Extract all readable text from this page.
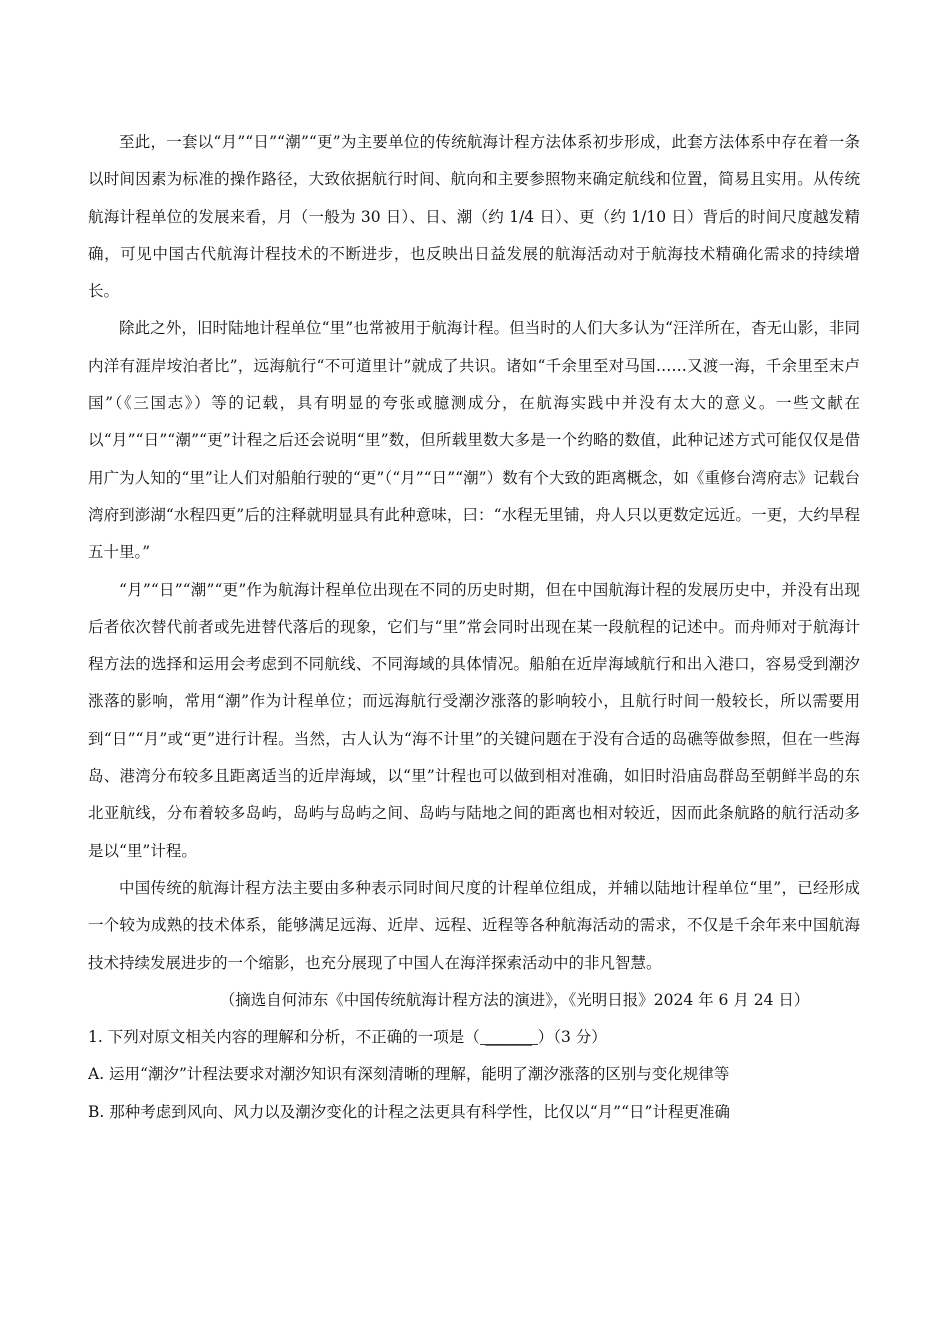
至此，一套以“月”“日”“潮”“更”为主要单位的传统航海计程方法体系初步形成，此套方法体系中存在着一条以时间因素为标准的操作路径，大致依据航行时间、航向和主要参照物来确定航线和位置，简易且实用。从传统航海计程单位的发展来看，月（一般为 30 日）、日、潮（约 1/4 日）、更（约 1/10 日）背后的时间尺度越发精确，可见中国古代航海计程技术的不断进步，也反映出日益发展的航海活动对于航海技术精确化需求的持续增长。

除此之外，旧时陆地计程单位“里”也常被用于航海计程。但当时的人们大多认为“汪洋所在，杳无山影，非同内洋有涯岸垵泊者比”，远海航行“不可道里计”就成了共识。诸如“千余里至对马国……又渡一海，千余里至末卢国”（《三国志》）等的记载，具有明显的夸张或臆测成分，在航海实践中并没有太大的意义。一些文献在以“月”“日”“潮”“更”计程之后还会说明“里”数，但所载里数大多是一个约略的数值，此种记述方式可能仅仅是借用广为人知的“里”让人们对船舶行驶的“更”（“月”“日”“潮”）数有个大致的距离概念，如《重修台湾府志》记载台湾府到澎湖“水程四更”后的注释就明显具有此种意味，曰：“水程无里铺，舟人只以更数定远近。一更，大约旱程五十里。”

“月”“日”“潮”“更”作为航海计程单位出现在不同的历史时期，但在中国航海计程的发展历史中，并没有出现后者依次替代前者或先进替代落后的现象，它们与“里”常会同时出现在某一段航程的记述中。而舟师对于航海计程方法的选择和运用会考虑到不同航线、不同海域的具体情况。船舶在近岸海域航行和出入港口，容易受到潮汐涨落的影响，常用“潮”作为计程单位；而远海航行受潮汐涨落的影响较小，且航行时间一般较长，所以需要用到“日”“月”或“更”进行计程。当然，古人认为“海不计里”的关键问题在于没有合适的岛礁等做参照，但在一些海岛、港湾分布较多且距离适当的近岸海域，以“里”计程也可以做到相对准确，如旧时沿庙岛群岛至朝鲜半岛的东北亚航线，分布着较多岛屿，岛屿与岛屿之间、岛屿与陆地之间的距离也相对较近，因而此条航路的航行活动多是以“里”计程。

中国传统的航海计程方法主要由多种表示同时间尺度的计程单位组成，并辅以陆地计程单位“里”，已经形成一个较为成熟的技术体系，能够满足远海、近岸、远程、近程等各种航海活动的需求，不仅是千余年来中国航海技术持续发展进步的一个缩影，也充分展现了中国人在海洋探索活动中的非凡智慧。

（摘选自何沛东《中国传统航海计程方法的演进》，《光明日报》2024 年 6 月 24 日）

1. 下列对原文相关内容的理解和分析，不正确的一项是（ ______ ）（3 分）

A. 运用“潮汐”计程法要求对潮汐知识有深刻清晰的理解，能明了潮汐涨落的区别与变化规律等

B. 那种考虑到风向、风力以及潮汐变化的计程之法更具有科学性，比仅以“月”“日”计程更准确
